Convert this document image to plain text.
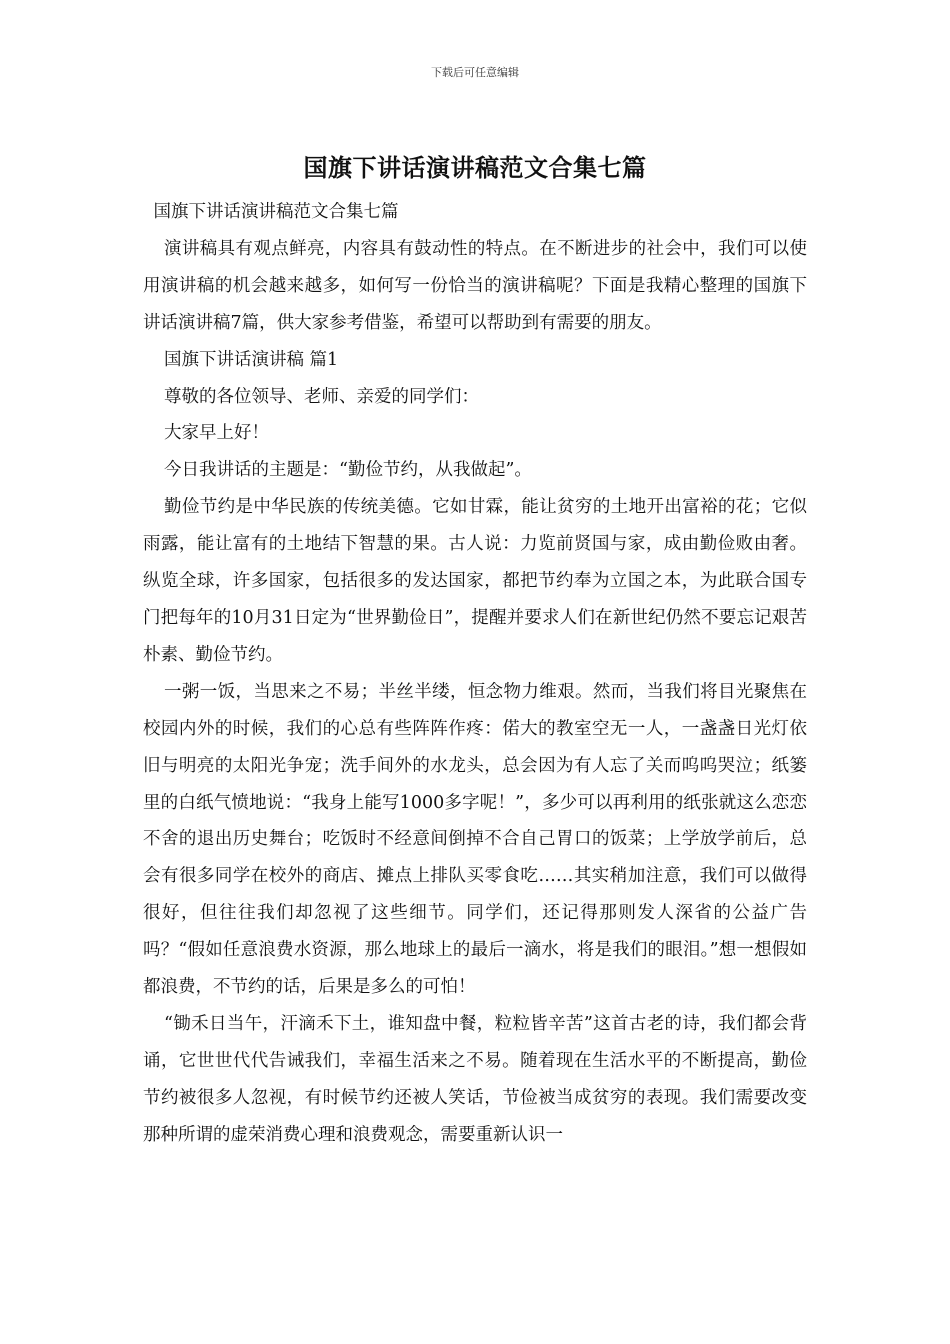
下载后可任意编辑
国旗下讲话演讲稿范文合集七篇

国旗下讲话演讲稿范文合集七篇

演讲稿具有观点鲜亮，内容具有鼓动性的特点。在不断进步的社会中，我们可以使用演讲稿的机会越来越多，如何写一份恰当的演讲稿呢？下面是我精心整理的国旗下讲话演讲稿7篇，供大家参考借鉴，希望可以帮助到有需要的朋友。

国旗下讲话演讲稿 篇1

尊敬的各位领导、老师、亲爱的同学们：

大家早上好！

今日我讲话的主题是：“勤俭节约，从我做起”。

勤俭节约是中华民族的传统美德。它如甘霖，能让贫穷的土地开出富裕的花；它似雨露，能让富有的土地结下智慧的果。古人说：力览前贤国与家，成由勤俭败由奢。纵览全球，许多国家，包括很多的发达国家，都把节约奉为立国之本，为此联合国专门把每年的10月31日定为“世界勤俭日”，提醒并要求人们在新世纪仍然不要忘记艰苦朴素、勤俭节约。

一粥一饭，当思来之不易；半丝半缕，恒念物力维艰。然而，当我们将目光聚焦在校园内外的时候，我们的心总有些阵阵作疼：偌大的教室空无一人，一盏盏日光灯依旧与明亮的太阳光争宠；洗手间外的水龙头，总会因为有人忘了关而呜呜哭泣；纸篓里的白纸气愤地说：“我身上能写1000多字呢！”，多少可以再利用的纸张就这么恋恋不舍的退出历史舞台；吃饭时不经意间倒掉不合自己胃口的饭菜；上学放学前后，总会有很多同学在校外的商店、摊点上排队买零食吃……其实稍加注意，我们可以做得很好，但往往我们却忽视了这些细节。同学们，还记得那则发人深省的公益广告吗？“假如任意浪费水资源，那么地球上的最后一滴水，将是我们的眼泪。”想一想假如都浪费，不节约的话，后果是多么的可怕！

“锄禾日当午，汗滴禾下土，谁知盘中餐，粒粒皆辛苦”这首古老的诗，我们都会背诵，它世世代代告诫我们，幸福生活来之不易。随着现在生活水平的不断提高，勤俭节约被很多人忽视，有时候节约还被人笑话，节俭被当成贫穷的表现。我们需要改变那种所谓的虚荣消费心理和浪费观念，需要重新认识一
